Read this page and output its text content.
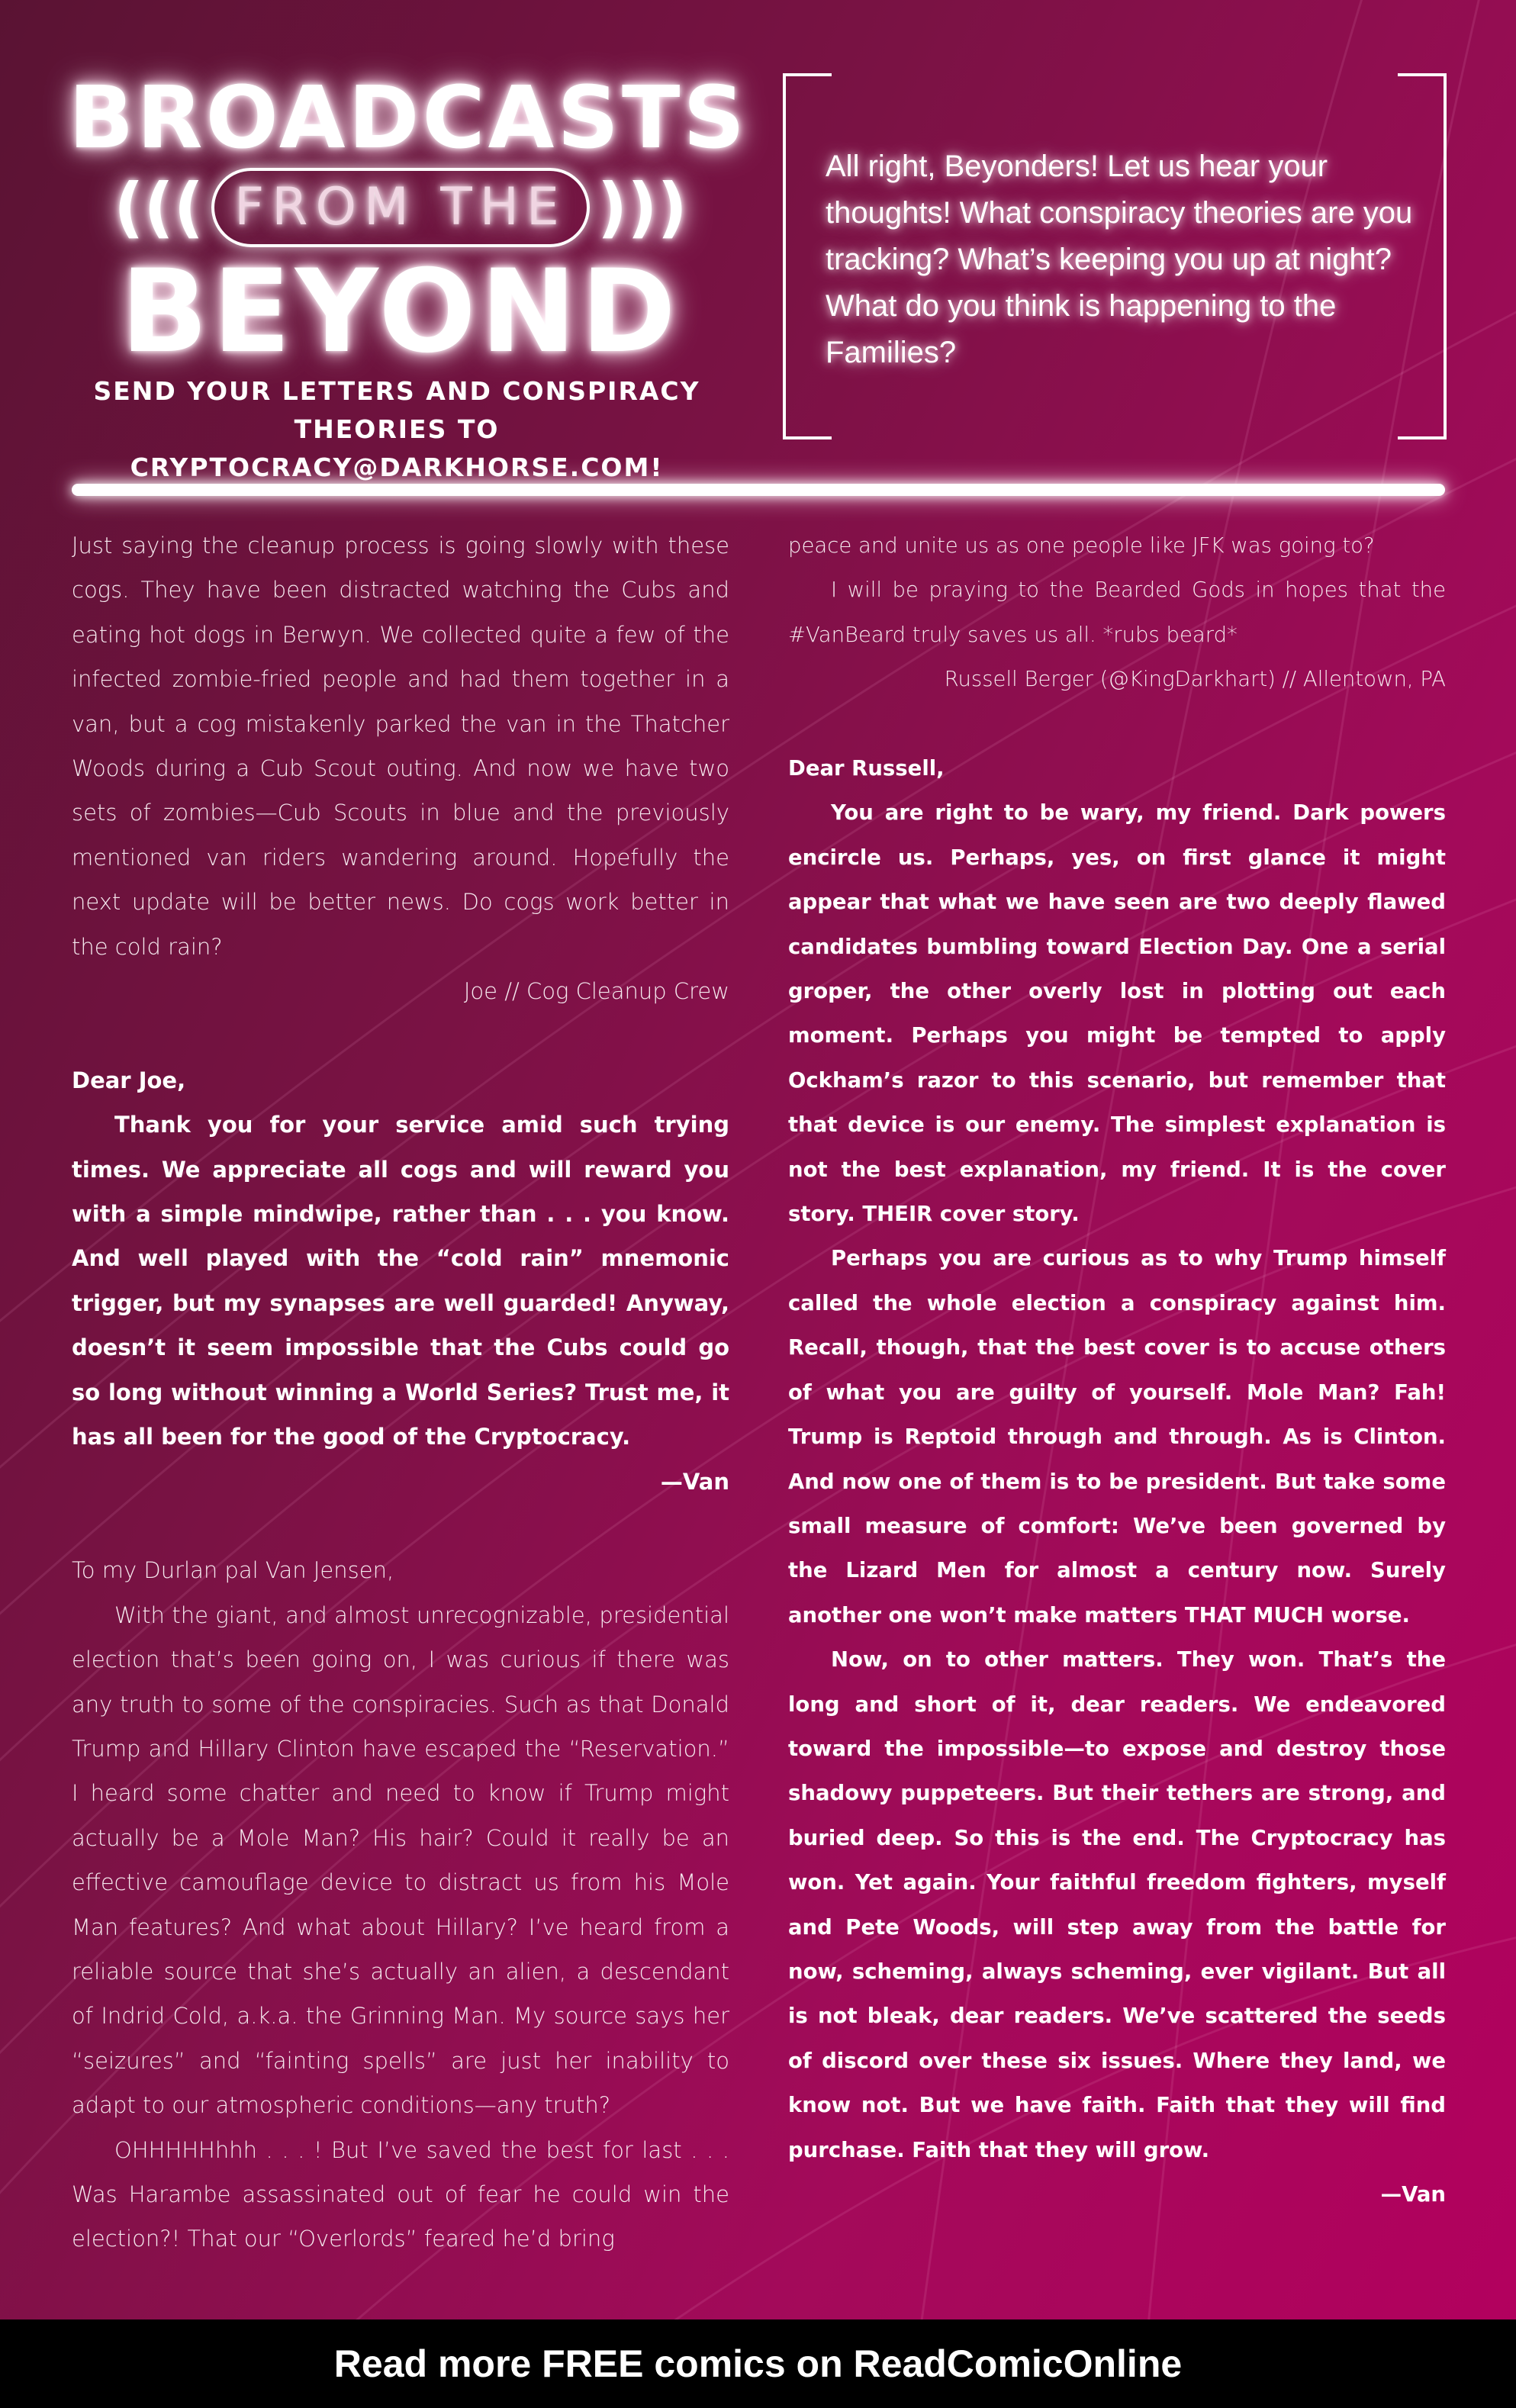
BROADCASTS
((( FROM THE )))
BEYOND
SEND YOUR LETTERS AND CONSPIRACY
THEORIES TO CRYPTOCRACY@DARKHORSE.COM!
All right, Beyonders! Let us hear your thoughts! What conspiracy theories are you tracking? What’s keeping you up at night? What do you think is happening to the Families?

Just saying the cleanup process is going slowly with these cogs. They have been distracted watching the Cubs and eating hot dogs in Berwyn. We collected quite a few of the infected zombie-fried people and had them together in a van, but a cog mistakenly parked the van in the Thatcher Woods during a Cub Scout outing. And now we have two sets of zombies—Cub Scouts in blue and the previously mentioned van riders wandering around. Hopefully the next update will be better news. Do cogs work better in the cold rain?

Joe // Cog Cleanup Crew

Dear Joe,

Thank you for your service amid such trying times. We appreciate all cogs and will reward you with a simple mindwipe, rather than . . . you know. And well played with the “cold rain” mnemonic trigger, but my synapses are well guarded! Anyway, doesn’t it seem impossible that the Cubs could go so long without winning a World Series? Trust me, it has all been for the good of the Cryptocracy.

—Van

To my Durlan pal Van Jensen,

With the giant, and almost unrecognizable, presidential election that’s been going on, I was curious if there was any truth to some of the conspiracies. Such as that Donald Trump and Hillary Clinton have escaped the “Reservation.” I heard some chatter and need to know if Trump might actually be a Mole Man? His hair? Could it really be an effective camouflage device to distract us from his Mole Man features? And what about Hillary? I’ve heard from a reliable source that she’s actually an alien, a descendant of Indrid Cold, a.k.a. the Grinning Man. My source says her “seizures” and “fainting spells” are just her inability to adapt to our atmospheric conditions—any truth?

OHHHHHhhh . . . ! But I’ve saved the best for last . . . Was Harambe assassinated out of fear he could win the election?! That our “Overlords” feared he’d bring

peace and unite us as one people like JFK was going to?

I will be praying to the Bearded Gods in hopes that the #VanBeard truly saves us all. *rubs beard*

Russell Berger (@KingDarkhart) // Allentown, PA

Dear Russell,

You are right to be wary, my friend. Dark powers encircle us. Perhaps, yes, on first glance it might appear that what we have seen are two deeply flawed candidates bumbling toward Election Day. One a serial groper, the other overly lost in plotting out each moment. Perhaps you might be tempted to apply Ockham’s razor to this scenario, but remember that that device is our enemy. The simplest explanation is not the best explanation, my friend. It is the cover story. THEIR cover story.

Perhaps you are curious as to why Trump himself called the whole election a conspiracy against him. Recall, though, that the best cover is to accuse others of what you are guilty of yourself. Mole Man? Fah! Trump is Reptoid through and through. As is Clinton. And now one of them is to be president. But take some small measure of comfort: We’ve been governed by the Lizard Men for almost a century now. Surely another one won’t make matters THAT MUCH worse.

Now, on to other matters. They won. That’s the long and short of it, dear readers. We endeavored toward the impossible—to expose and destroy those shadowy puppeteers. But their tethers are strong, and buried deep. So this is the end. The Cryptocracy has won. Yet again. Your faithful freedom fighters, myself and Pete Woods, will step away from the battle for now, scheming, always scheming, ever vigilant. But all is not bleak, dear readers. We’ve scattered the seeds of discord over these six issues. Where they land, we know not. But we have faith. Faith that they will find purchase. Faith that they will grow.

—Van

Read more FREE comics on ReadComicOnline
